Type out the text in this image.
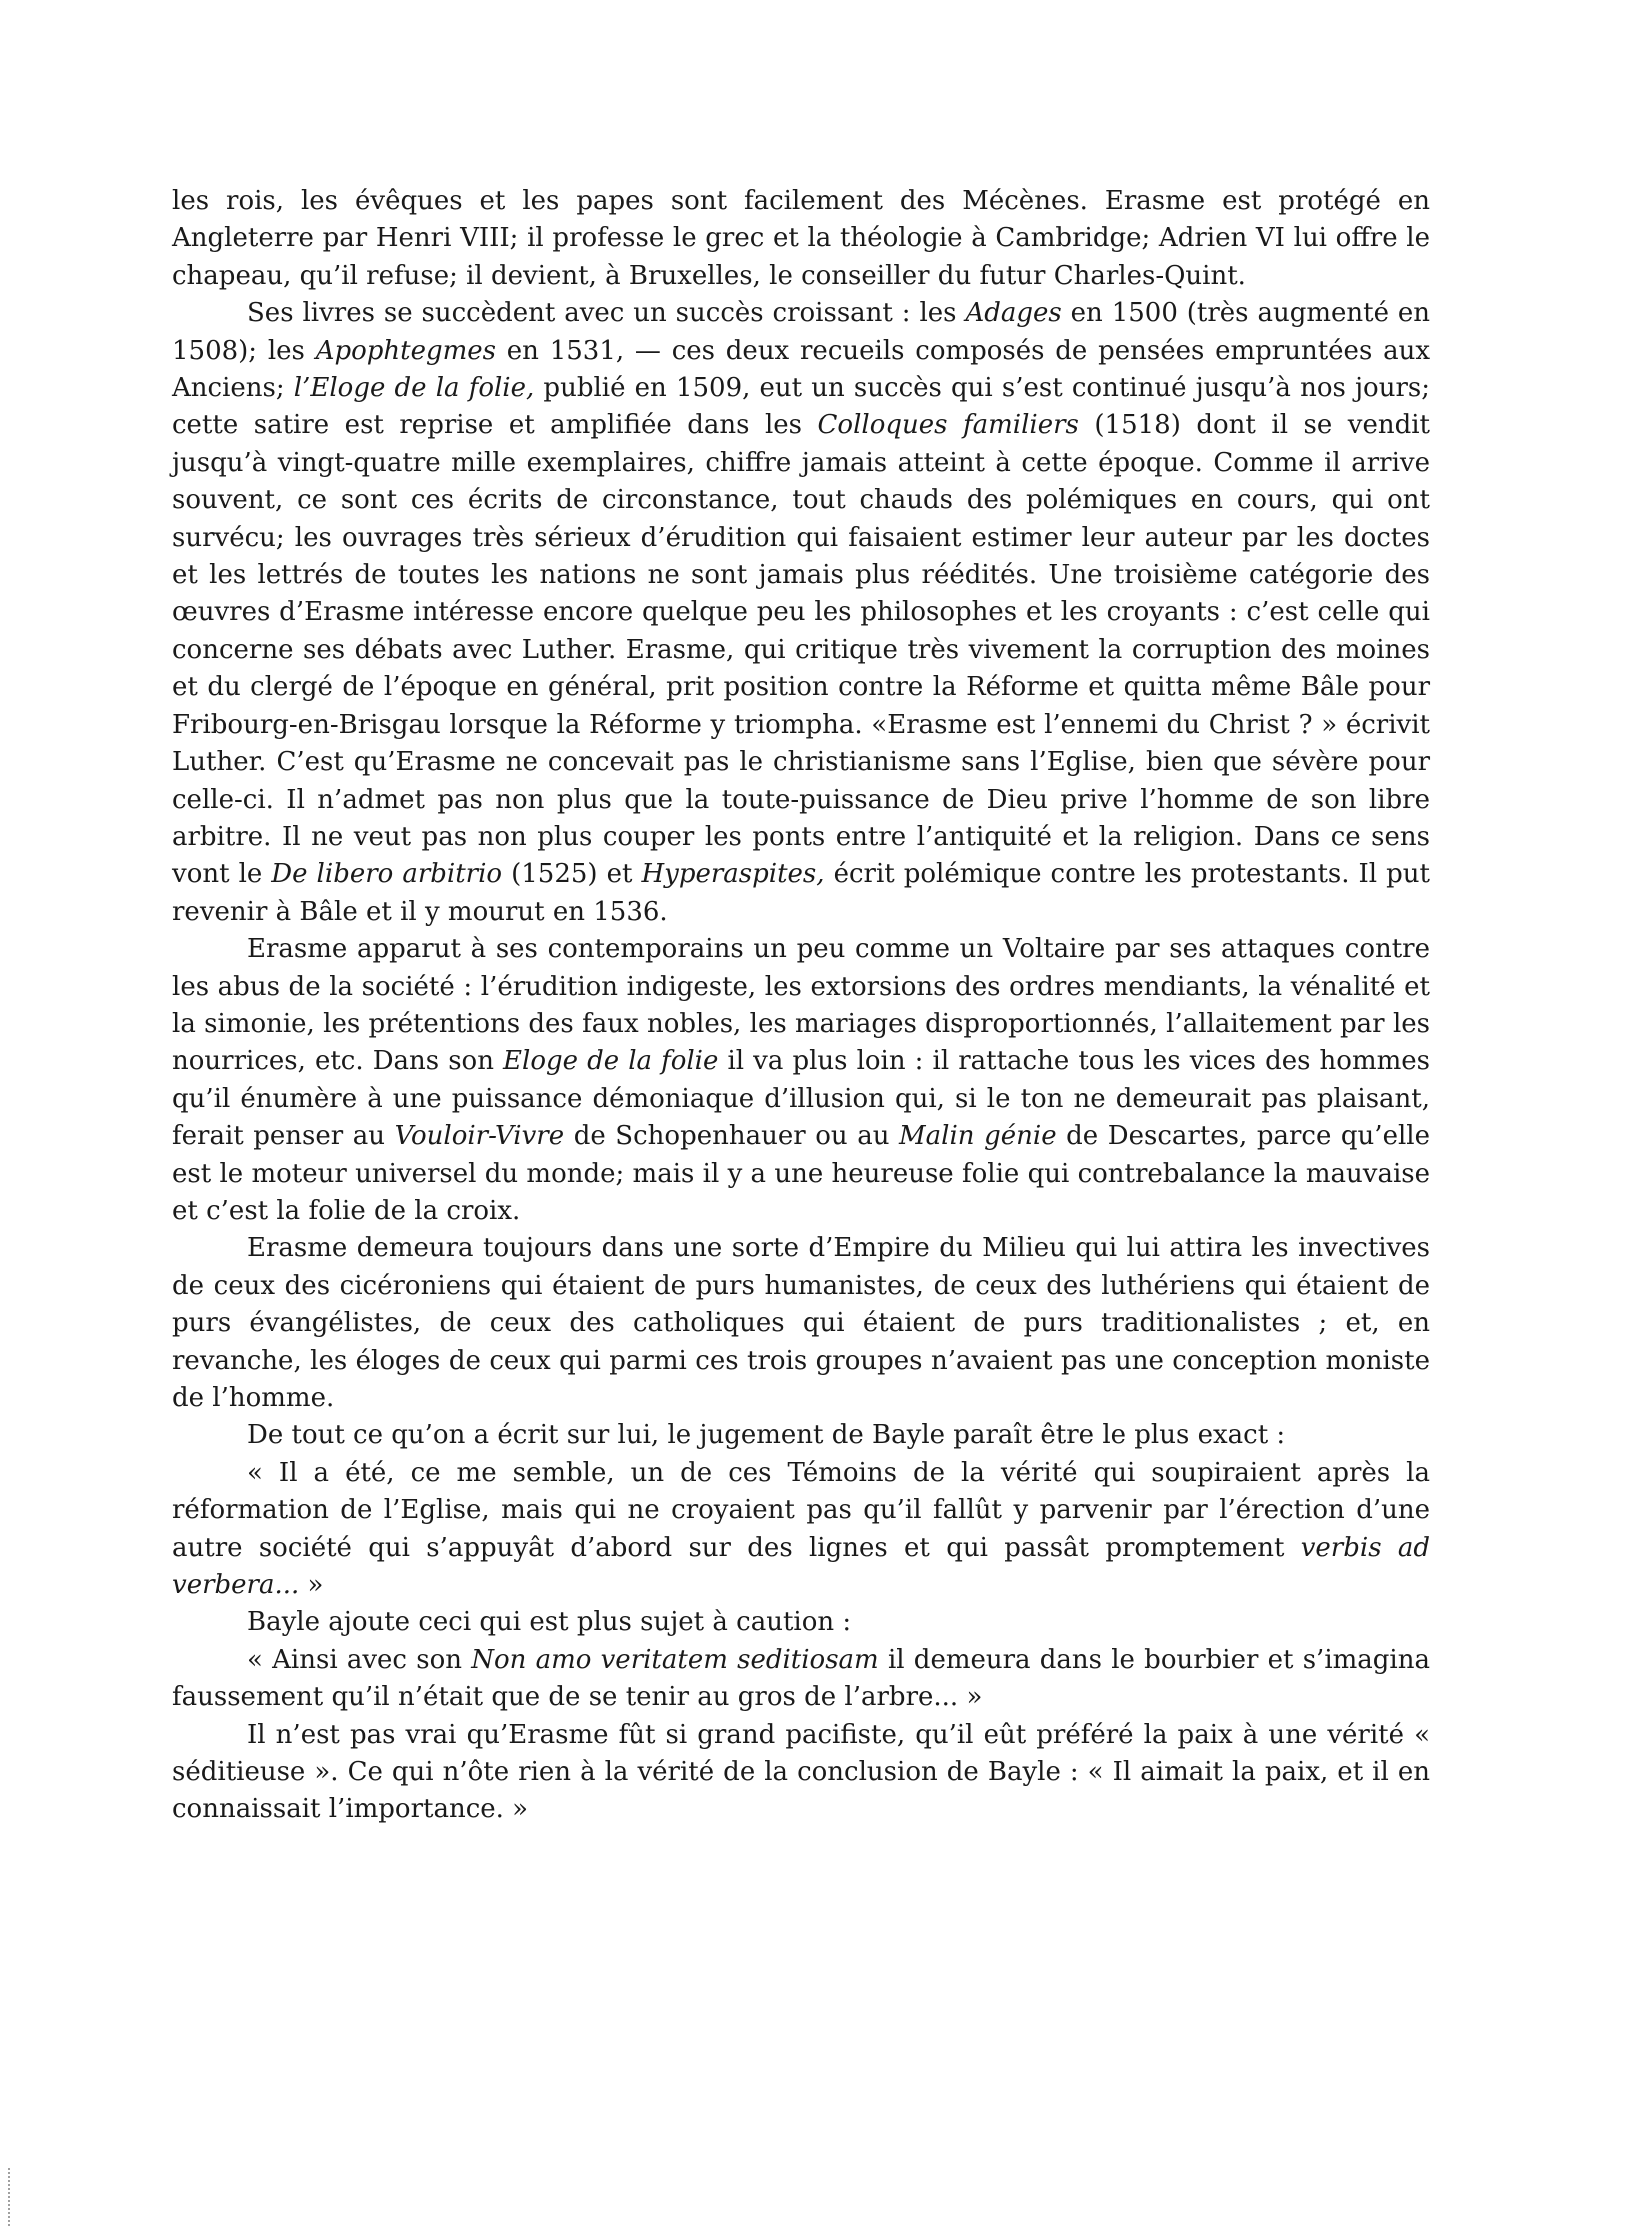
les rois, les évêques et les papes sont facilement des Mécènes. Erasme est protégé en Angleterre par Henri VIII; il professe le grec et la théologie à Cambridge; Adrien VI lui offre le chapeau, qu’il refuse; il devient, à Bruxelles, le conseiller du futur Charles-Quint.

Ses livres se succèdent avec un succès croissant : les Adages en 1500 (très augmenté en 1508); les Apophtegmes en 1531, — ces deux recueils composés de pensées empruntées aux Anciens; l’Eloge de la folie, publié en 1509, eut un succès qui s’est continué jusqu’à nos jours; cette satire est reprise et amplifiée dans les Colloques familiers (1518) dont il se vendit jusqu’à vingt-quatre mille exemplaires, chiffre jamais atteint à cette époque. Comme il arrive souvent, ce sont ces écrits de circonstance, tout chauds des polémiques en cours, qui ont survécu; les ouvrages très sérieux d’érudition qui faisaient estimer leur auteur par les doctes et les lettrés de toutes les nations ne sont jamais plus réédités. Une troisième catégorie des œuvres d’Erasme intéresse encore quelque peu les philosophes et les croyants : c’est celle qui concerne ses débats avec Luther. Erasme, qui critique très vivement la corruption des moines et du clergé de l’époque en général, prit position contre la Réforme et quitta même Bâle pour Fribourg-en-Brisgau lorsque la Réforme y triompha. «Erasme est l’ennemi du Christ ? » écrivit Luther. C’est qu’Erasme ne concevait pas le christianisme sans l’Eglise, bien que sévère pour celle-ci. Il n’admet pas non plus que la toute-puissance de Dieu prive l’homme de son libre arbitre. Il ne veut pas non plus couper les ponts entre l’antiquité et la religion. Dans ce sens vont le De libero arbitrio (1525) et Hyperaspites, écrit polémique contre les protestants. Il put revenir à Bâle et il y mourut en 1536.

Erasme apparut à ses contemporains un peu comme un Voltaire par ses attaques contre les abus de la société : l’érudition indigeste, les extorsions des ordres mendiants, la vénalité et la simonie, les prétentions des faux nobles, les mariages disproportionnés, l’allaitement par les nourrices, etc. Dans son Eloge de la folie il va plus loin : il rattache tous les vices des hommes qu’il énumère à une puissance démoniaque d’illusion qui, si le ton ne demeurait pas plaisant, ferait penser au Vouloir-Vivre de Schopenhauer ou au Malin génie de Descartes, parce qu’elle est le moteur universel du monde; mais il y a une heureuse folie qui contrebalance la mauvaise et c’est la folie de la croix.

Erasme demeura toujours dans une sorte d’Empire du Milieu qui lui attira les invectives de ceux des cicéroniens qui étaient de purs humanistes, de ceux des luthériens qui étaient de purs évangélistes, de ceux des catholiques qui étaient de purs traditionalistes ; et, en revanche, les éloges de ceux qui parmi ces trois groupes n’avaient pas une conception moniste de l’homme.

De tout ce qu’on a écrit sur lui, le jugement de Bayle paraît être le plus exact :

« Il a été, ce me semble, un de ces Témoins de la vérité qui soupiraient après la réformation de l’Eglise, mais qui ne croyaient pas qu’il fallût y parvenir par l’érection d’une autre société qui s’appuyât d’abord sur des lignes et qui passât promptement verbis ad verbera... »

Bayle ajoute ceci qui est plus sujet à caution :

« Ainsi avec son Non amo veritatem seditiosam il demeura dans le bourbier et s’imagina faussement qu’il n’était que de se tenir au gros de l’arbre... »

Il n’est pas vrai qu’Erasme fût si grand pacifiste, qu’il eût préféré la paix à une vérité « séditieuse ». Ce qui n’ôte rien à la vérité de la conclusion de Bayle : « Il aimait la paix, et il en connaissait l’importance. »
